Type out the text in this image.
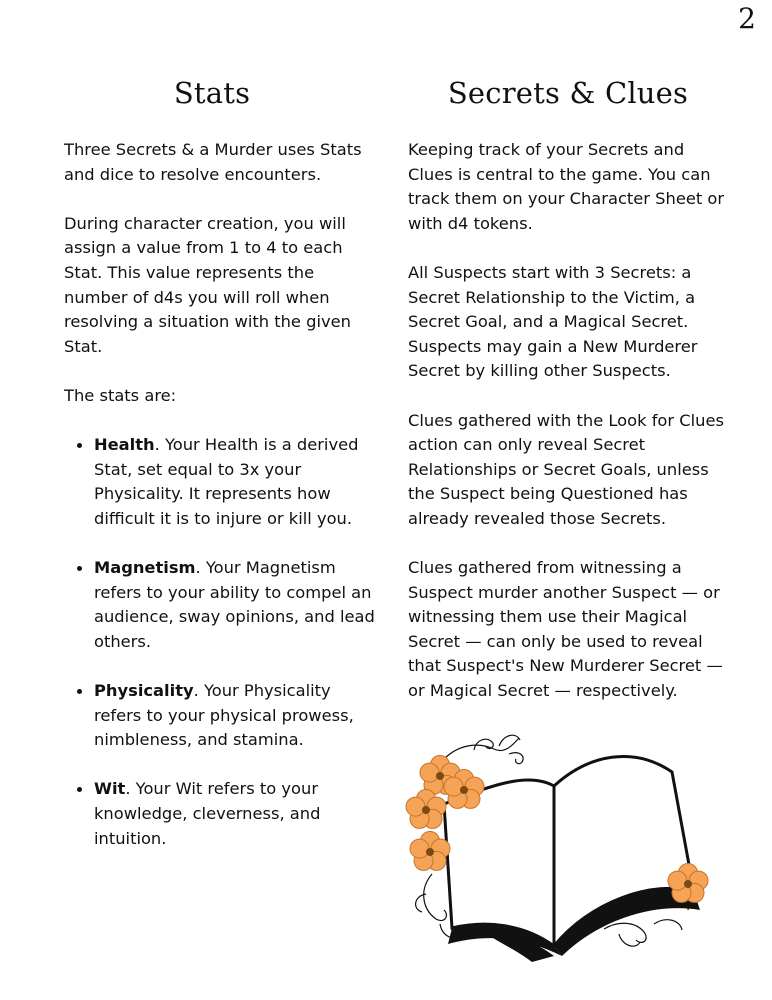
2
Stats

Three Secrets & a Murder uses Stats and dice to resolve encounters.

During character creation, you will assign a value from 1 to 4 to each Stat. This value represents the number of d4s you will roll when resolving a situation with the given Stat.

The stats are:

Health. Your Health is a derived Stat, set equal to 3x your Physicality. It represents how difficult it is to injure or kill you.
Magnetism. Your Magnetism refers to your ability to compel an audience, sway opinions, and lead others.
Physicality. Your Physicality refers to your physical prowess, nimbleness, and stamina.
Wit. Your Wit refers to your knowledge, cleverness, and intuition.
Secrets & Clues

Keeping track of your Secrets and Clues is central to the game. You can track them on your Character Sheet or with d4 tokens.

All Suspects start with 3 Secrets: a Secret Relationship to the Victim, a Secret Goal, and a Magical Secret. Suspects may gain a New Murderer Secret by killing other Suspects.

Clues gathered with the Look for Clues action can only reveal Secret Relationships or Secret Goals, unless the Suspect being Questioned has already revealed those Secrets.

Clues gathered from witnessing a Suspect murder another Suspect — or witnessing them use their Magical Secret — can only be used to reveal that Suspect's New Murderer Secret — or Magical Secret — respectively.
